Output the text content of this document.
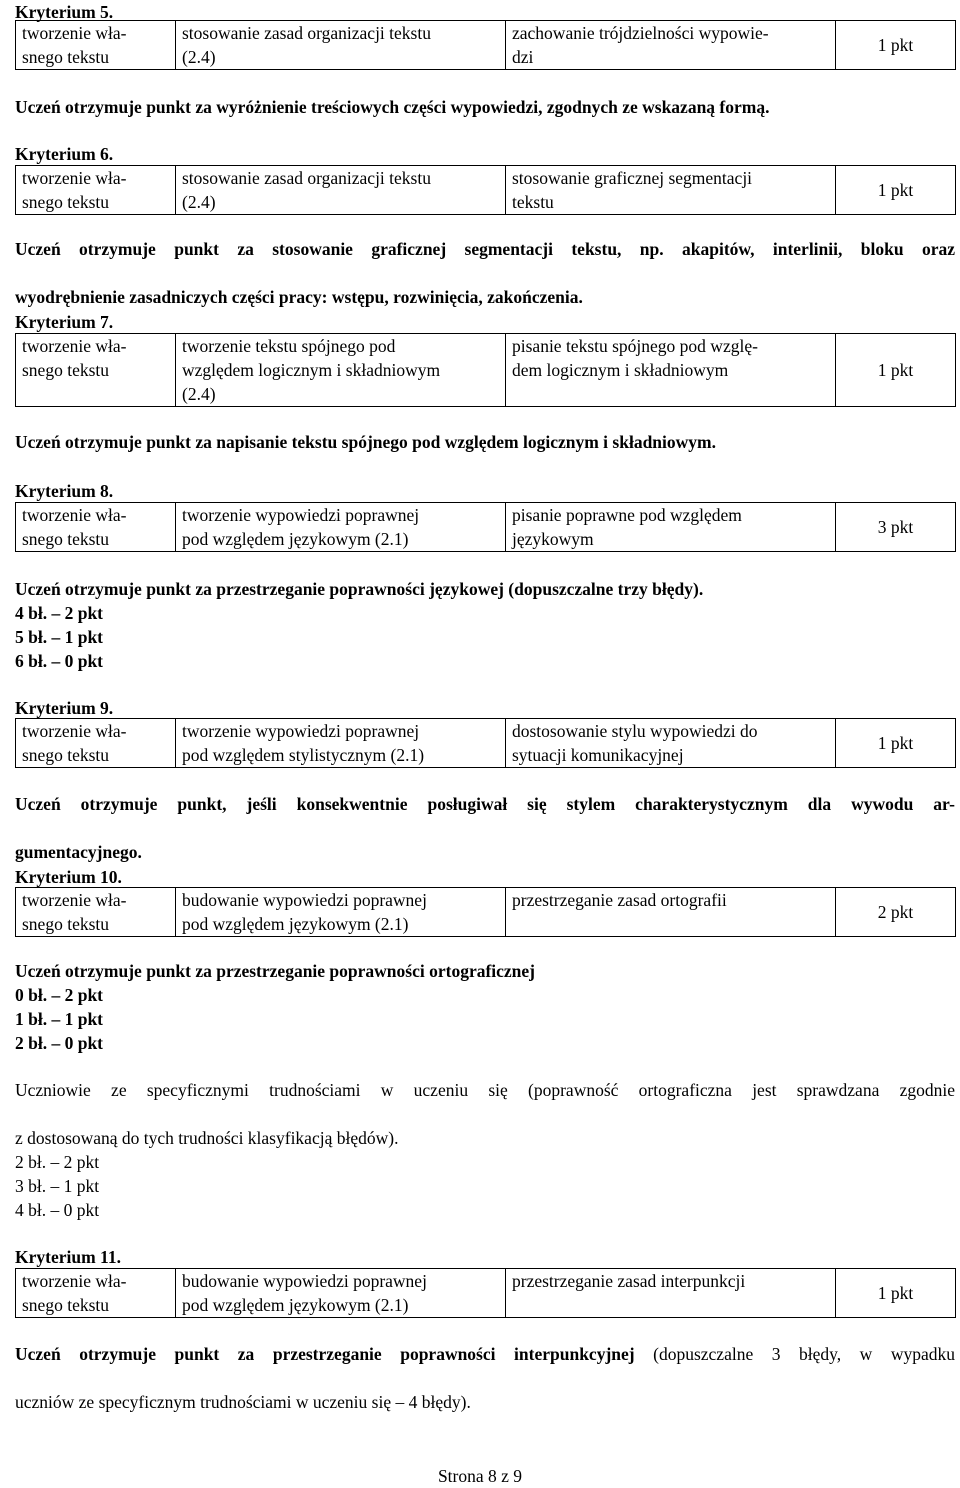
Kryterium 5.
tworzenie wła-
snego tekstu

stosowanie zasad organizacji tekstu
(2.4)

zachowanie trójdzielności wypowie-
dzi
	1 pkt
Uczeń otrzymuje punkt za wyróżnienie treściowych części wypowiedzi, zgodnych ze wskazaną formą.
Kryterium 6.
tworzenie wła-
snego tekstu

stosowanie zasad organizacji tekstu
(2.4)

stosowanie graficznej segmentacji
tekstu
	1 pkt
Uczeń otrzymuje punkt za stosowanie graficznej segmentacji tekstu, np. akapitów, interlinii, bloku oraz
wyodrębnienie zasadniczych części pracy: wstępu, rozwinięcia, zakończenia.
Kryterium 7.
tworzenie wła-
snego tekstu

tworzenie tekstu spójnego pod
względem logicznym i składniowym
(2.4)

pisanie tekstu spójnego pod wzglę-
dem logicznym i składniowym	1 pkt
Uczeń otrzymuje punkt za napisanie tekstu spójnego pod względem logicznym i składniowym.
Kryterium 8.
tworzenie wła-
snego tekstu

tworzenie wypowiedzi poprawnej
pod względem językowym (2.1)

pisanie poprawne pod względem
językowym
	3 pkt
Uczeń otrzymuje punkt za przestrzeganie poprawności językowej (dopuszczalne trzy błędy).
4 bł. – 2 pkt
5 bł. – 1 pkt
6 bł. – 0 pkt
Kryterium 9.
tworzenie wła-
snego tekstu

tworzenie wypowiedzi poprawnej
pod względem stylistycznym (2.1)

dostosowanie stylu wypowiedzi do
sytuacji komunikacyjnej
	1 pkt
Uczeń otrzymuje punkt, jeśli konsekwentnie posługiwał się stylem charakterystycznym dla wywodu ar-
gumentacyjnego.
Kryterium 10.
tworzenie wła-
snego tekstu

budowanie wypowiedzi poprawnej
pod względem językowym (2.1)

przestrzeganie zasad ortografii
	2 pkt
Uczeń otrzymuje punkt za przestrzeganie poprawności ortograficznej
0 bł. – 2 pkt
1 bł. – 1 pkt
2 bł. – 0 pkt
Uczniowie ze specyficznymi trudnościami w uczeniu się (poprawność ortograficzna jest sprawdzana zgodnie
z dostosowaną do tych trudności klasyfikacją błędów).
2 bł. – 2 pkt
3 bł. – 1 pkt
4 bł. – 0 pkt
Kryterium 11.
tworzenie wła-
snego tekstu

budowanie wypowiedzi poprawnej
pod względem językowym (2.1)

przestrzeganie zasad interpunkcji
	1 pkt
Uczeń otrzymuje punkt za przestrzeganie poprawności interpunkcyjnej (dopuszczalne 3 błędy, w wypadku
uczniów ze specyficznym trudnościami w uczeniu się – 4 błędy).
Strona 8 z 9
